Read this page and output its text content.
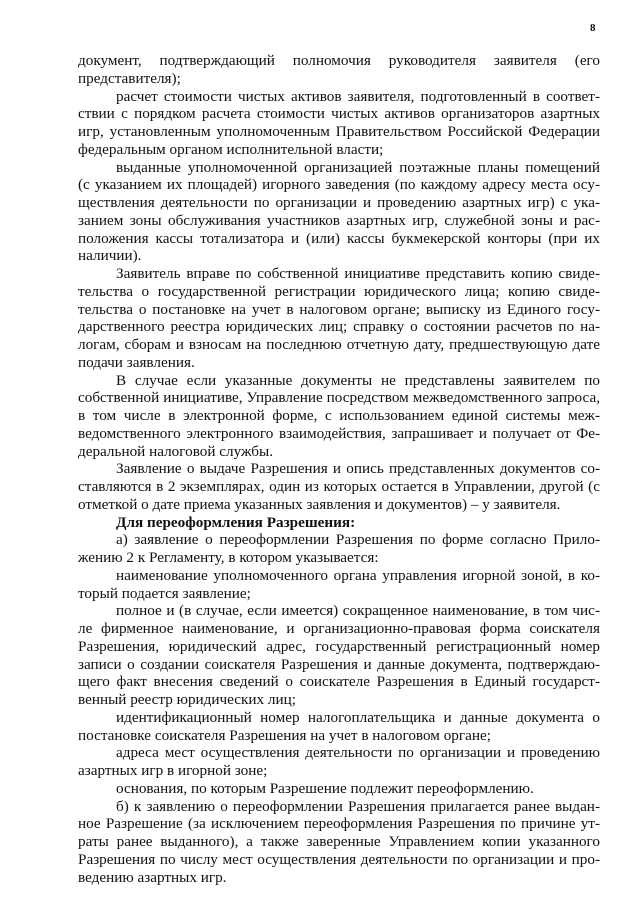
8

документ, подтверждающий полномочия руководителя заявителя (его представителя);

расчет стоимости чистых активов заявителя, подготовленный в соответствии с порядком расчета стоимости чистых активов организаторов азартных игр, установленным уполномоченным Правительством Российской Федерации федеральным органом исполнительной власти;

выданные уполномоченной организацией поэтажные планы помещений (с указанием их площадей) игорного заведения (по каждому адресу места осуществления деятельности по организации и проведению азартных игр) с указанием зоны обслуживания участников азартных игр, служебной зоны и расположения кассы тотализатора и (или) кассы букмекерской конторы (при их наличии).

Заявитель вправе по собственной инициативе представить копию свидетельства о государственной регистрации юридического лица; копию свидетельства о постановке на учет в налоговом органе; выписку из Единого государственного реестра юридических лиц; справку о состоянии расчетов по налогам, сборам и взносам на последнюю отчетную дату, предшествующую дате подачи заявления.

В случае если указанные документы не представлены заявителем по собственной инициативе, Управление посредством межведомственного запроса, в том числе в электронной форме, с использованием единой системы межведомственного электронного взаимодействия, запрашивает и получает от Федеральной налоговой службы.

Заявление о выдаче Разрешения и опись представленных документов составляются в 2 экземплярах, один из которых остается в Управлении, другой (с отметкой о дате приема указанных заявления и документов) – у заявителя.

Для переоформления Разрешения:

а) заявление о переоформлении Разрешения по форме согласно Приложению 2 к Регламенту, в котором указывается:

наименование уполномоченного органа управления игорной зоной, в который подается заявление;

полное и (в случае, если имеется) сокращенное наименование, в том числе фирменное наименование, и организационно-правовая форма соискателя Разрешения, юридический адрес, государственный регистрационный номер записи о создании соискателя Разрешения и данные документа, подтверждающего факт внесения сведений о соискателе Разрешения в Единый государственный реестр юридических лиц;

идентификационный номер налогоплательщика и данные документа о постановке соискателя Разрешения на учет в налоговом органе;

адреса мест осуществления деятельности по организации и проведению азартных игр в игорной зоне;

основания, по которым Разрешение подлежит переоформлению.

б) к заявлению о переоформлении Разрешения прилагается ранее выданное Разрешение (за исключением переоформления Разрешения по причине утраты ранее выданного), а также заверенные Управлением копии указанного Разрешения по числу мест осуществления деятельности по организации и проведению азартных игр.
